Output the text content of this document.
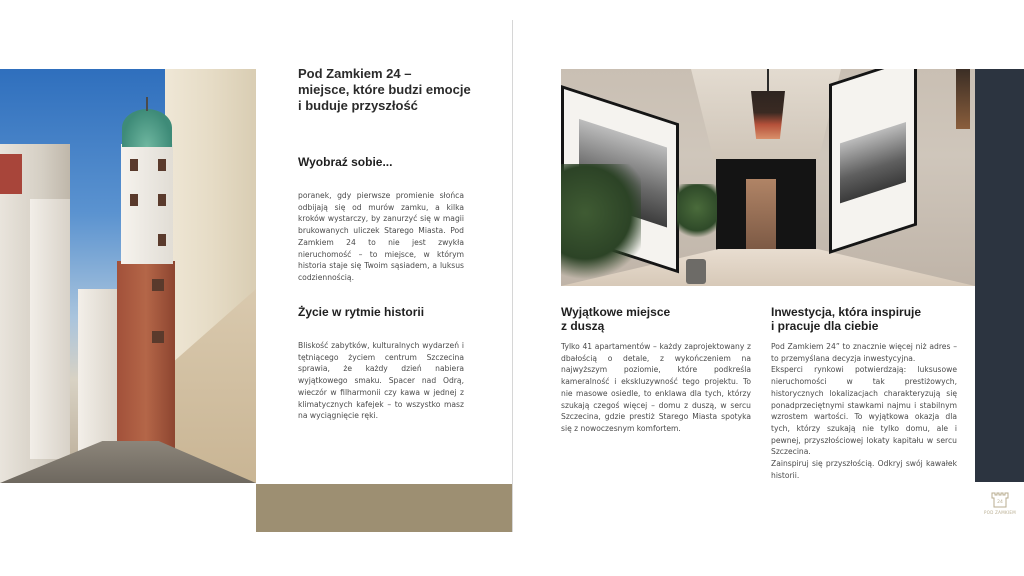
Pod Zamkiem 24 –
miejsce, które budzi emocje
i buduje przyszłość
Wyobraź sobie...

poranek, gdy pierwsze promienie słońca odbijają się od murów zamku, a kilka kroków wystarczy, by zanurzyć się w magii brukowanych uliczek Starego Miasta. Pod Zamkiem 24 to nie jest zwykła nieruchomość – to miejsce, w którym historia staje się Twoim sąsiadem, a luksus codziennością.

Życie w rytmie historii

Bliskość zabytków, kulturalnych wydarzeń i tętniącego życiem centrum Szczecina sprawia, że każdy dzień nabiera wyjątkowego smaku. Spacer nad Odrą, wieczór w filharmonii czy kawa w jednej z klimatycznych kafejek – to wszystko masz na wyciągnięcie ręki.

Wyjątkowe miejsce
z duszą

Tylko 41 apartamentów – każdy zaprojektowany z dbałością o detale, z wykończeniem na najwyższym poziomie, które podkreśla kameralność i ekskluzywność tego projektu. To nie masowe osiedle, to enklawa dla tych, którzy szukają czegoś więcej – domu z duszą, w sercu Szczecina, gdzie prestiż Starego Miasta spotyka się z nowoczesnym komfortem.

Inwestycja, która inspiruje
i pracuje dla ciebie

Pod Zamkiem 24” to znacznie więcej niż adres – to przemyślana decyzja inwestycyjna.

Eksperci rynkowi potwierdzają: luksusowe nieruchomości w tak prestiżowych, historycznych lokalizacjach charakteryzują się ponadprzeciętnymi stawkami najmu i stabilnym wzrostem wartości. To wyjątkowa okazja dla tych, którzy szukają nie tylko domu, ale i pewnej, przyszłościowej lokaty kapitału w sercu Szczecina.

Zainspiruj się przyszłością. Odkryj swój kawałek historii.

24
POD ZAMKIEM
